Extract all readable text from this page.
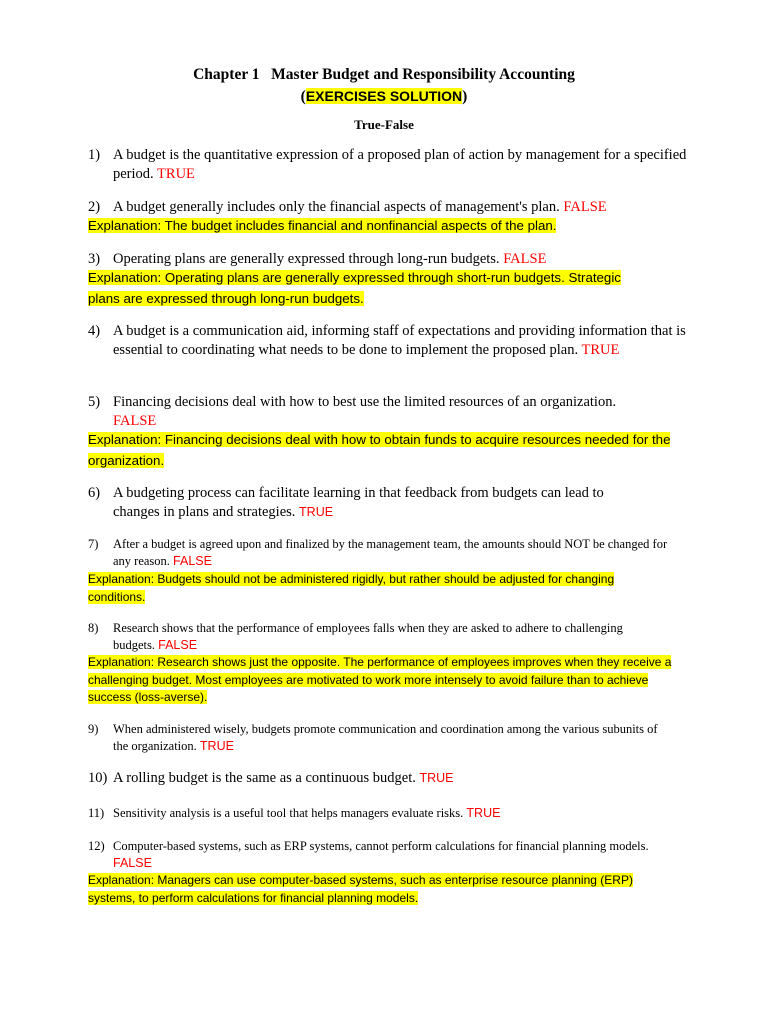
Chapter 1 Master Budget and Responsibility Accounting
(EXERCISES SOLUTION)
True-False
1) A budget is the quantitative expression of a proposed plan of action by management for a specified period. TRUE
2) A budget generally includes only the financial aspects of management's plan. FALSE
Explanation: The budget includes financial and nonfinancial aspects of the plan.
3) Operating plans are generally expressed through long-run budgets. FALSE
Explanation: Operating plans are generally expressed through short-run budgets. Strategic plans are expressed through long-run budgets.
4) A budget is a communication aid, informing staff of expectations and providing information that is essential to coordinating what needs to be done to implement the proposed plan. TRUE
5) Financing decisions deal with how to best use the limited resources of an organization. FALSE
Explanation: Financing decisions deal with how to obtain funds to acquire resources needed for the organization.
6) A budgeting process can facilitate learning in that feedback from budgets can lead to changes in plans and strategies. TRUE
7) After a budget is agreed upon and finalized by the management team, the amounts should NOT be changed for any reason. FALSE
Explanation: Budgets should not be administered rigidly, but rather should be adjusted for changing conditions.
8) Research shows that the performance of employees falls when they are asked to adhere to challenging budgets. FALSE
Explanation: Research shows just the opposite. The performance of employees improves when they receive a challenging budget. Most employees are motivated to work more intensely to avoid failure than to achieve success (loss-averse).
9) When administered wisely, budgets promote communication and coordination among the various subunits of the organization. TRUE
10) A rolling budget is the same as a continuous budget. TRUE
11) Sensitivity analysis is a useful tool that helps managers evaluate risks. TRUE
12) Computer-based systems, such as ERP systems, cannot perform calculations for financial planning models. FALSE
Explanation: Managers can use computer-based systems, such as enterprise resource planning (ERP) systems, to perform calculations for financial planning models.
